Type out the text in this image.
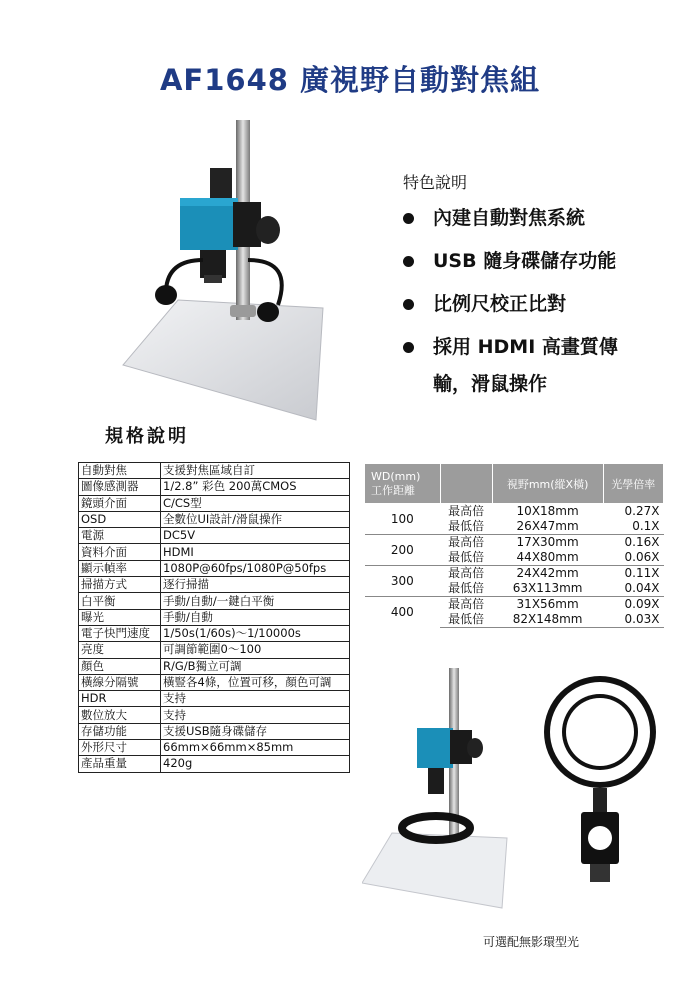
AF1648 廣視野自動對焦組
特色說明
內建自動對焦系統
USB 隨身碟儲存功能
比例尺校正比對
採用 HDMI 高畫質傳
輸，滑鼠操作
規格說明
自動對焦	支援對焦區域自訂
圖像感測器	1/2.8” 彩色 200萬CMOS
鏡頭介面	C/CS型
OSD	全數位UI設計/滑鼠操作
電源	DC5V
資料介面	HDMI
顯示幀率	1080P@60fps/1080P@50fps
掃描方式	逐行掃描
白平衡	手動/自動/一鍵白平衡
曝光	手動/自動
電子快門速度	1/50s(1/60s)～1/10000s
亮度	可調節範圍0～100
顏色	R/G/B獨立可調
橫線分隔號	橫豎各4條，位置可移，顏色可調
HDR	支持
數位放大	支持
存儲功能	支援USB隨身碟儲存
外形尺寸	66mm×66mm×85mm
產品重量	420g
WD(mm)
工作距離		視野mm(縱X橫)	光學倍率
100	最高倍	10X18mm	0.27X
	最低倍	26X47mm	0.1X
200	最高倍	17X30mm	0.16X
	最低倍	44X80mm	0.06X
300	最高倍	24X42mm	0.11X
	最低倍	63X113mm	0.04X
400	最高倍	31X56mm	0.09X
	最低倍	82X148mm	0.03X
可選配無影環型光
